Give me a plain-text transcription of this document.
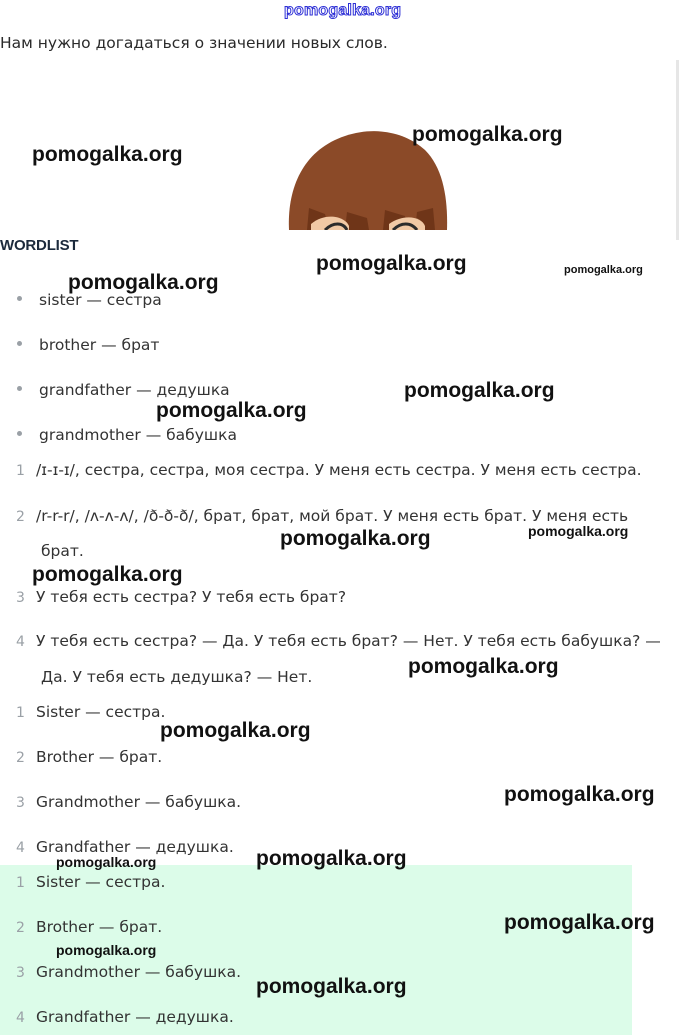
pomogalka.org
Нам нужно догадаться о значении новых слов.
WORDLIST
sister — сестра
brother — брат
grandfather — дедушка
grandmother — бабушка
1 /ɪ-ɪ-ɪ/, сестра, сестра, моя сестра. У меня есть сестра. У меня есть сестра.
2 /r-r-r/, /ʌ-ʌ-ʌ/, /ð-ð-ð/, брат, брат, мой брат. У меня есть брат. У меня есть
брат.
3 У тебя есть сестра? У тебя есть брат?
4 У тебя есть сестра? — Да. У тебя есть брат? — Нет. У тебя есть бабушка? —
Да. У тебя есть дедушка? — Нет.
1 Sister — сестра.
2 Brother — брат.
3 Grandmother — бабушка.
4 Grandfather — дедушка.
1 Sister — сестра.
2 Brother — брат.
3 Grandmother — бабушка.
4 Grandfather — дедушка.
pomogalka.org
pomogalka.org
pomogalka.org	pomogalka.org
pomogalka.org
pomogalka.org
pomogalka.org
pomogalka.org
pomogalka.org
pomogalka.org
pomogalka.org
pomogalka.org
pomogalka.org
pomogalka.org	pomogalka.org
pomogalka.org
pomogalka.org
pomogalka.org
